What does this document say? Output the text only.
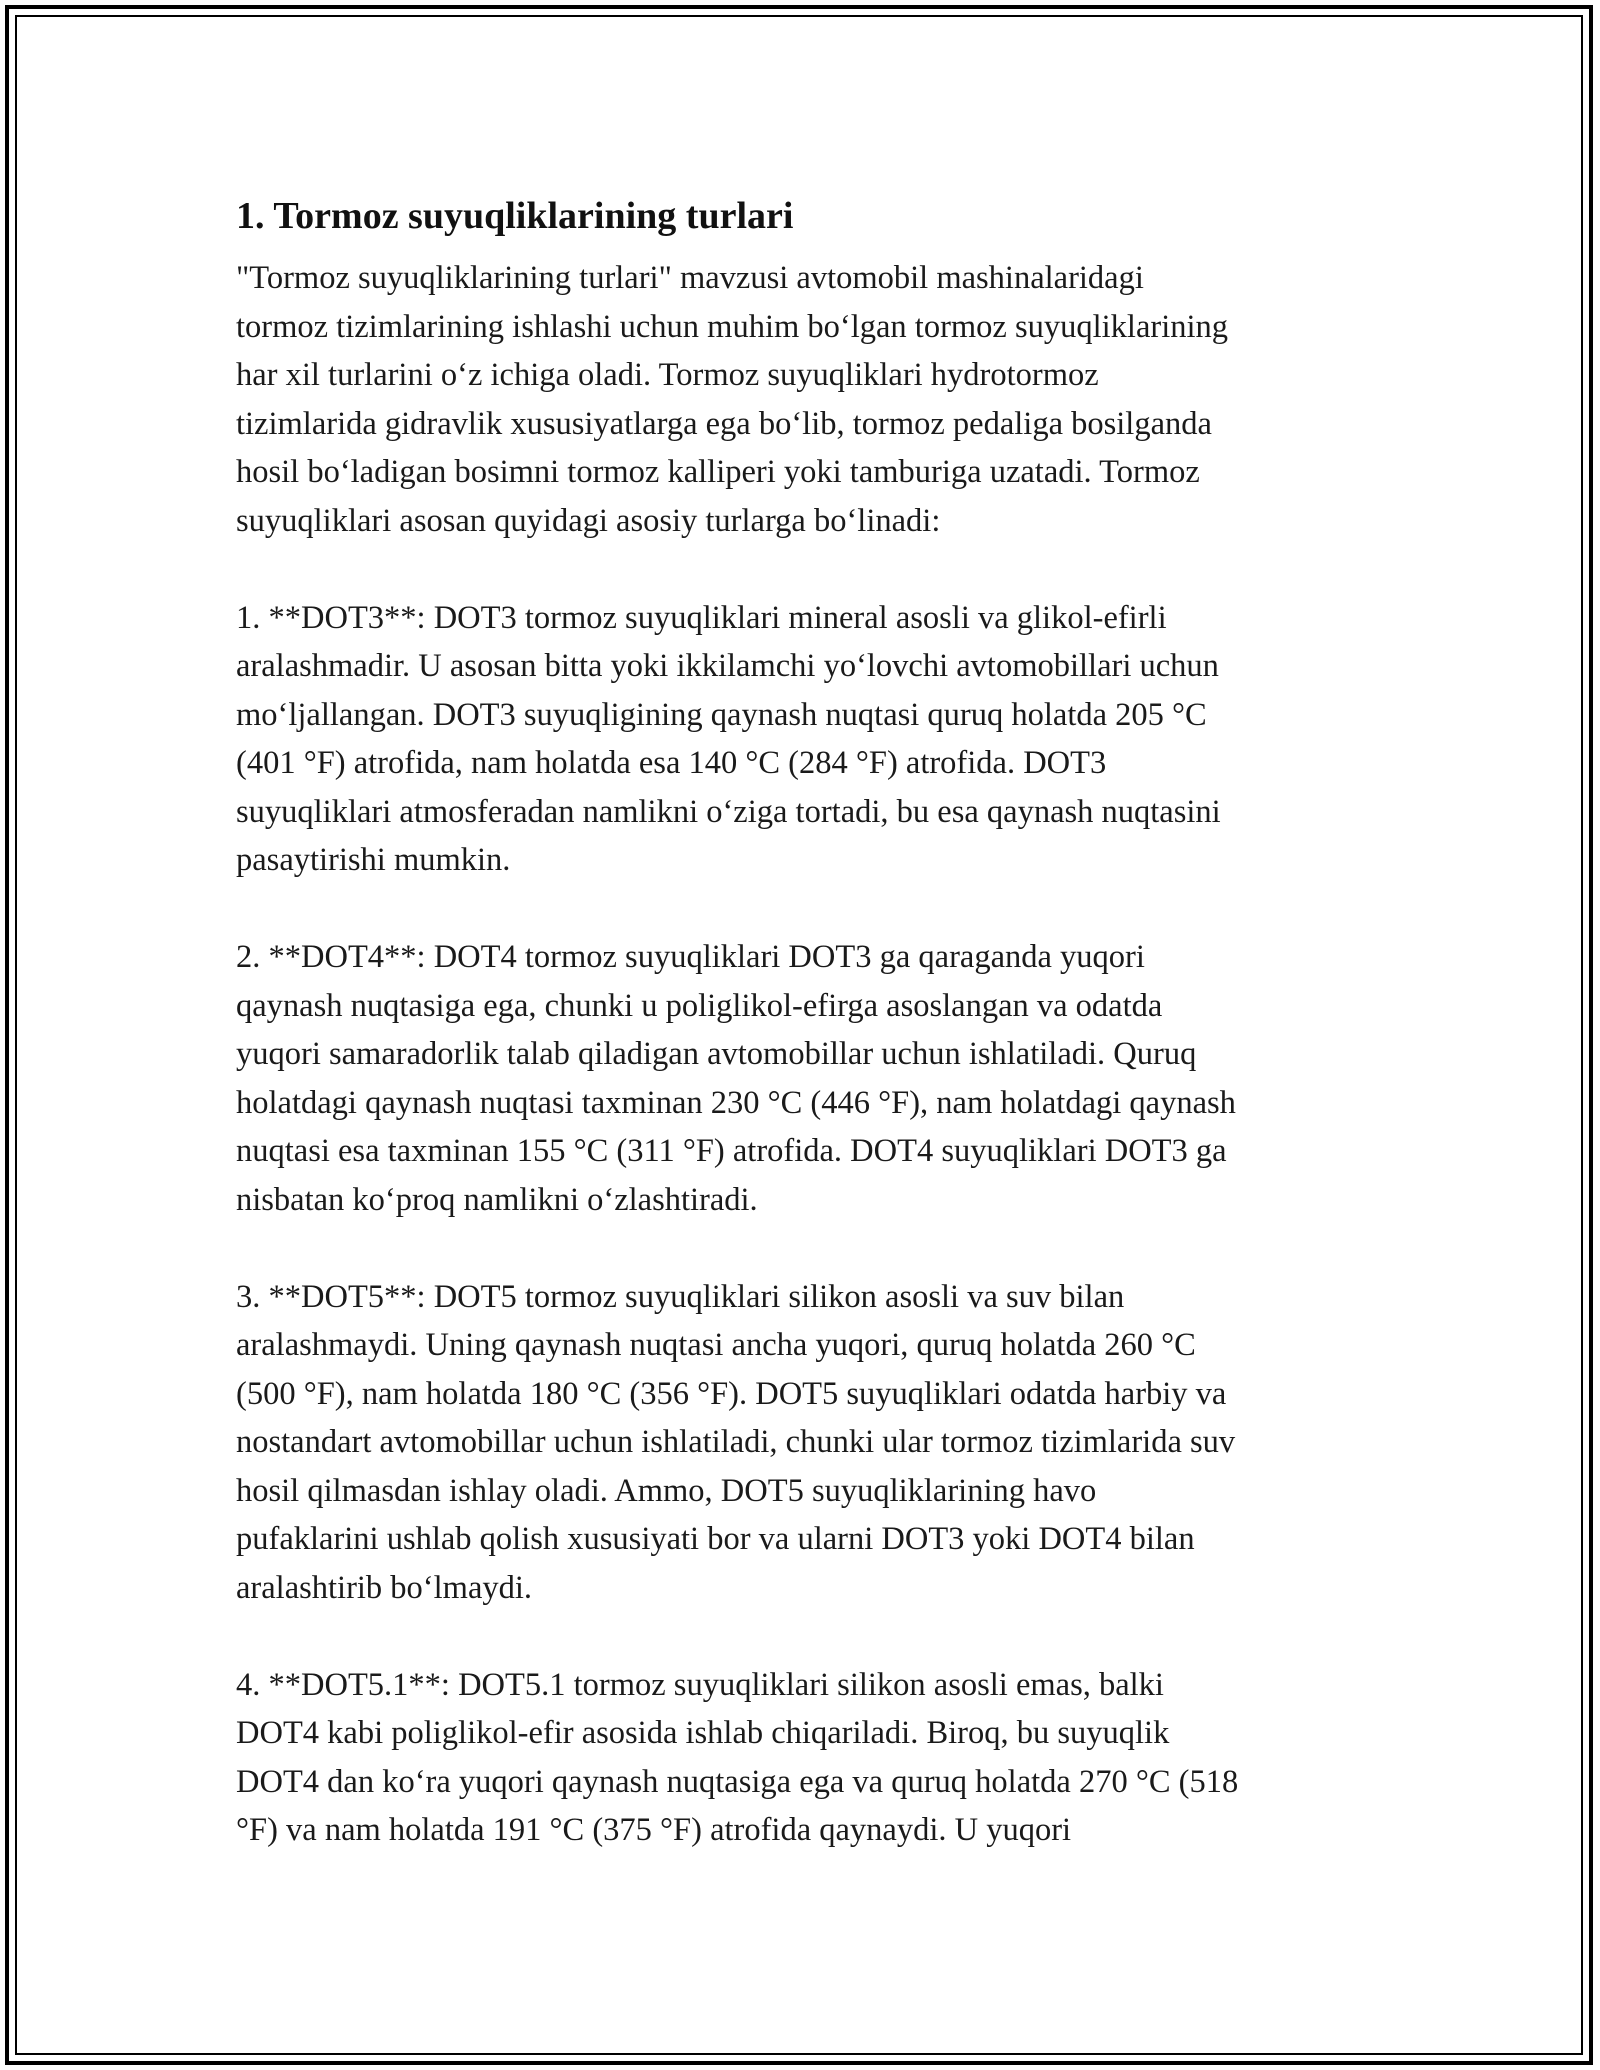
1. Tormoz suyuqliklarining turlari

"Tormoz suyuqliklarining turlari" mavzusi avtomobil mashinalaridagi
tormoz tizimlarining ishlashi uchun muhim bo‘lgan tormoz suyuqliklarining
har xil turlarini o‘z ichiga oladi. Tormoz suyuqliklari hydrotormoz
tizimlarida gidravlik xususiyatlarga ega bo‘lib, tormoz pedaliga bosilganda
hosil bo‘ladigan bosimni tormoz kalliperi yoki tamburiga uzatadi. Tormoz
suyuqliklari asosan quyidagi asosiy turlarga bo‘linadi:

1. **DOT3**: DOT3 tormoz suyuqliklari mineral asosli va glikol-efirli
aralashmadir. U asosan bitta yoki ikkilamchi yo‘lovchi avtomobillari uchun
mo‘ljallangan. DOT3 suyuqligining qaynash nuqtasi quruq holatda 205 °C
(401 °F) atrofida, nam holatda esa 140 °C (284 °F) atrofida. DOT3
suyuqliklari atmosferadan namlikni o‘ziga tortadi, bu esa qaynash nuqtasini
pasaytirishi mumkin.

2. **DOT4**: DOT4 tormoz suyuqliklari DOT3 ga qaraganda yuqori
qaynash nuqtasiga ega, chunki u poliglikol-efirga asoslangan va odatda
yuqori samaradorlik talab qiladigan avtomobillar uchun ishlatiladi. Quruq
holatdagi qaynash nuqtasi taxminan 230 °C (446 °F), nam holatdagi qaynash
nuqtasi esa taxminan 155 °C (311 °F) atrofida. DOT4 suyuqliklari DOT3 ga
nisbatan ko‘proq namlikni o‘zlashtiradi.

3. **DOT5**: DOT5 tormoz suyuqliklari silikon asosli va suv bilan
aralashmaydi. Uning qaynash nuqtasi ancha yuqori, quruq holatda 260 °C
(500 °F), nam holatda 180 °C (356 °F). DOT5 suyuqliklari odatda harbiy va
nostandart avtomobillar uchun ishlatiladi, chunki ular tormoz tizimlarida suv
hosil qilmasdan ishlay oladi. Ammo, DOT5 suyuqliklarining havo
pufaklarini ushlab qolish xususiyati bor va ularni DOT3 yoki DOT4 bilan
aralashtirib bo‘lmaydi.

4. **DOT5.1**: DOT5.1 tormoz suyuqliklari silikon asosli emas, balki
DOT4 kabi poliglikol-efir asosida ishlab chiqariladi. Biroq, bu suyuqlik
DOT4 dan ko‘ra yuqori qaynash nuqtasiga ega va quruq holatda 270 °C (518
°F) va nam holatda 191 °C (375 °F) atrofida qaynaydi. U yuqori
